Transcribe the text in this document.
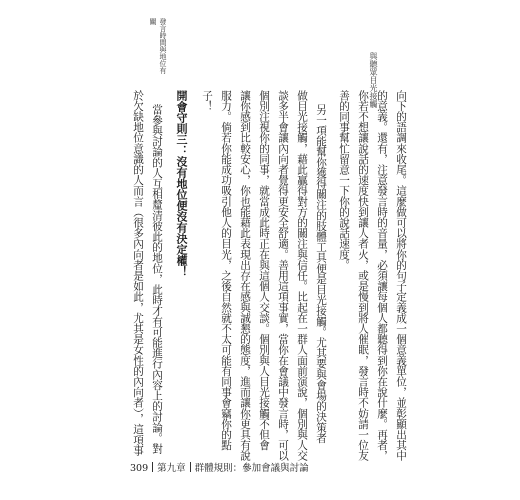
與聽眾目光接觸
發言時間與地位有
關
向下的語調來收尾。這麼做可以將你的句子定義成一個意義單位，並彰顯出其中
的意義。還有，注意發言時的音量，必須讓每個人都聽得到你在說什麼。再者，
你若不想讓說話的速度快到讓人者火，或是慢到將人催眠，發言時不妨請一位友
善的同事幫忙留意一下你的說話速度。
另一項能幫你獲得關注的肢體工具便是目光接觸。尤其要與會場的決策者
做目光接觸，藉此贏得對方的關注與信任。比起在一群人面前演說，個別與人交
談多半會讓內向者覺得更安全舒適。善用這項事實，當你在會議中發言時，可以
個別注視你的同事，就當成此時正在與這個人交談。個別與人目光接觸不但會
讓你感到比較安心，你也能藉此表現出存在感與誠懇的態度，進而讓你更具有說
服力。倘若你能成功吸引他人的目光，之後自然就不太可能有同事會竊你的點
子！
開會守則三：沒有地位便沒有決定權！
當參與討論的人互相釐清彼此的地位，此時才有可能進行內容上的討論。對
於欠缺地位意識的人而言（很多內向者是如此，尤其是女性的內向者），這項事
309 第九章 群體規則：參加會議與討論
